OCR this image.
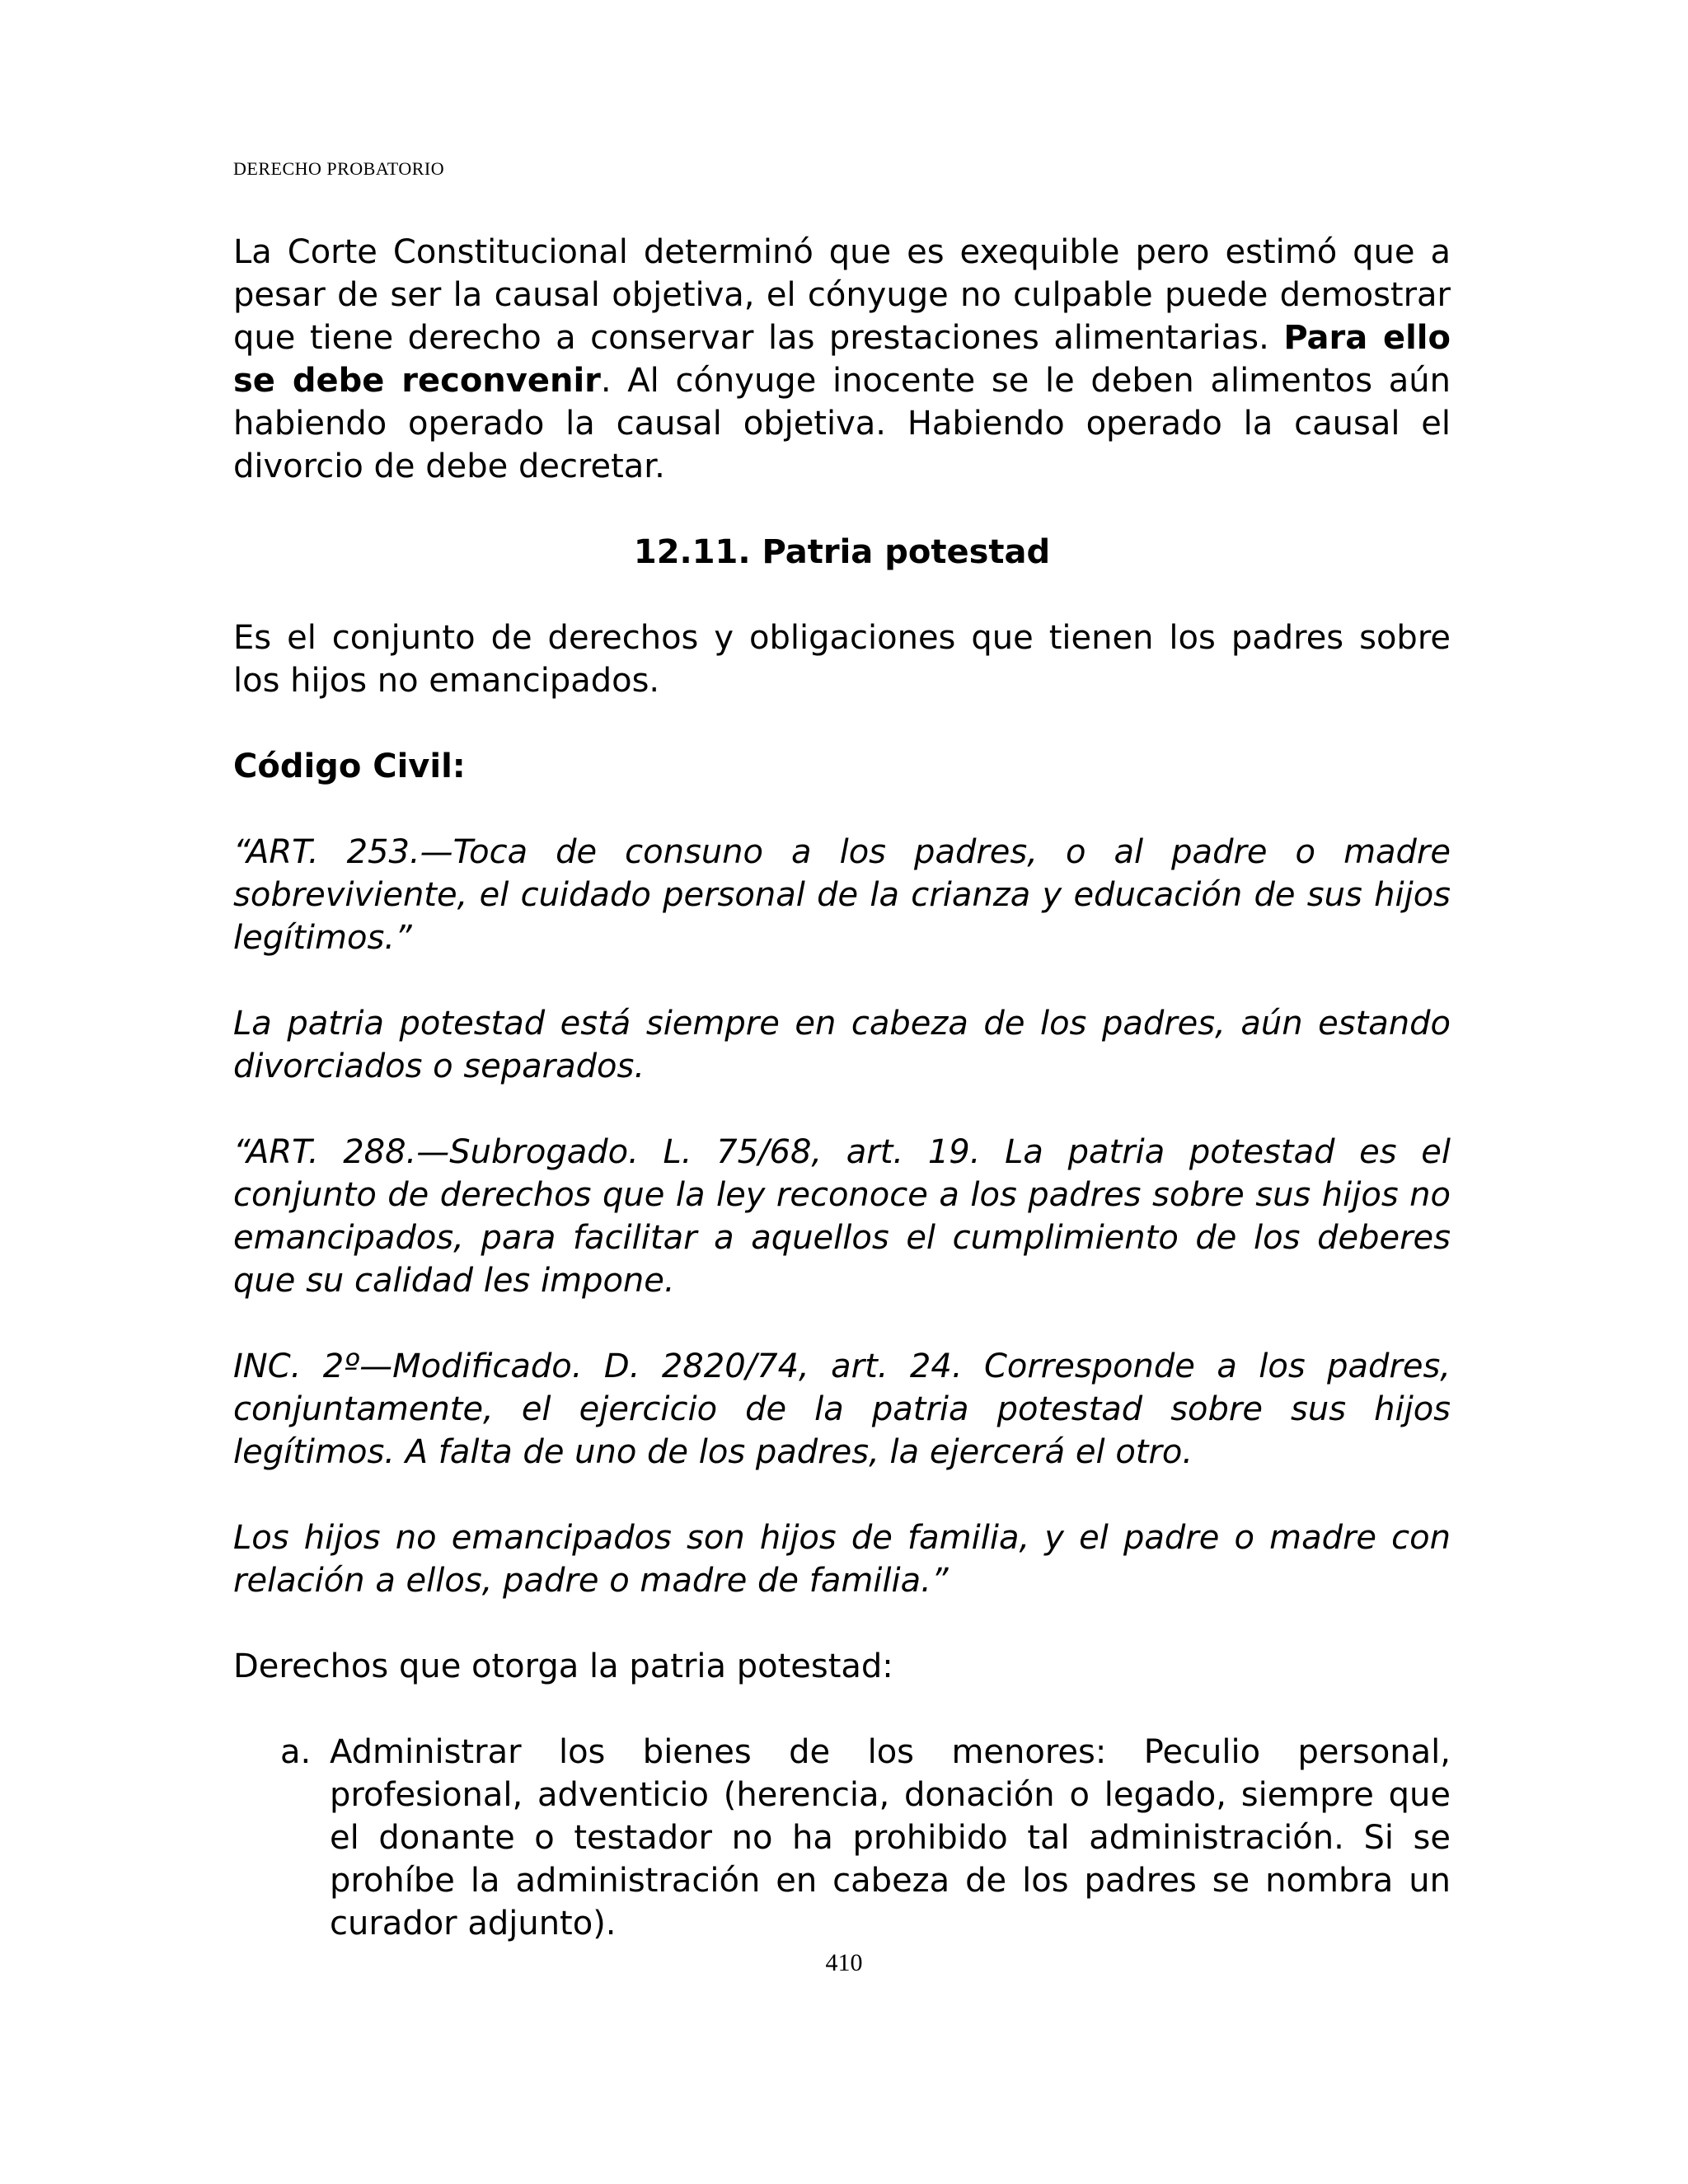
DERECHO PROBATORIO

La Corte Constitucional determinó que es exequible pero estimó que a pesar de ser la causal objetiva, el cónyuge no culpable puede demostrar que tiene derecho a conservar las prestaciones alimentarias. Para ello se debe reconvenir. Al cónyuge inocente se le deben alimentos aún habiendo operado la causal objetiva. Habiendo operado la causal el divorcio de debe decretar.

12.11. Patria potestad

Es el conjunto de derechos y obligaciones que tienen los padres sobre los hijos no emancipados.

Código Civil:

“ART. 253.—Toca de consuno a los padres, o al padre o madre sobreviviente, el cuidado personal de la crianza y educación de sus hijos legítimos.”

La patria potestad está siempre en cabeza de los padres, aún estando divorciados o separados.

“ART. 288.—Subrogado. L. 75/68, art. 19. La patria potestad es el conjunto de derechos que la ley reconoce a los padres sobre sus hijos no emancipados, para facilitar a aquellos el cumplimiento de los deberes que su calidad les impone.

INC. 2º—Modificado. D. 2820/74, art. 24. Corresponde a los padres, conjuntamente, el ejercicio de la patria potestad sobre sus hijos legítimos. A falta de uno de los padres, la ejercerá el otro.

Los hijos no emancipados son hijos de familia, y el padre o madre con relación a ellos, padre o madre de familia.”

Derechos que otorga la patria potestad:

a. Administrar los bienes de los menores: Peculio personal, profesional, adventicio (herencia, donación o legado, siempre que el donante o testador no ha prohibido tal administración. Si se prohíbe la administración en cabeza de los padres se nombra un curador adjunto).
410
